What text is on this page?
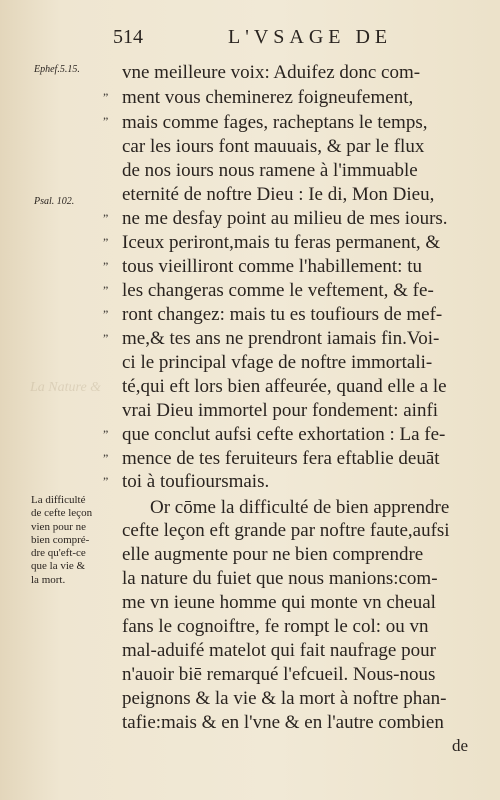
514	L'VSAGE DE
Ephef.5.15.
Psal. 102.
La Nature &
vne meilleure voix: Aduifez donc com-
ment vous cheminerez foigneufement,
mais comme fages, racheptans le temps,
car les iours font mauuais, & par le flux
de nos iours nous ramene à l'immuable
eternité de noftre Dieu : Ie di, Mon Dieu,
ne me desfay point au milieu de mes iours.
Iceux periront,mais tu feras permanent, &
tous vieilliront comme l'habillement: tu
les changeras comme le veftement, & fe-
ront changez: mais tu es toufiours de mef-
me,& tes ans ne prendront iamais fin.Voi-
ci le principal vfage de noftre immortali-
té,qui eft lors bien affeurée, quand elle a le
vrai Dieu immortel pour fondement: ainfi
que conclut aufsi cefte exhortation : La fe-
mence de tes feruiteurs fera eftablie deuāt
toi à toufioursmais.
Or cōme la difficulté de bien apprendre
cefte leçon eft grande par noftre faute,aufsi
elle augmente pour ne bien comprendre
la nature du fuiet que nous manions:com-
me vn ieune homme qui monte vn cheual
fans le cognoiftre, fe rompt le col: ou vn
mal-aduifé matelot qui fait naufrage pour
n'auoir biē remarqué l'efcueil. Nous-nous
peignons & la vie & la mort à noftre phan-
tafie:mais & en l'vne & en l'autre combien
”
”
”
”
”
”
”
”
”
”
”
La difficulté
de cefte leçon
vien pour ne
bien compré-
dre qu'eft-ce
que la vie &
la mort.
de
